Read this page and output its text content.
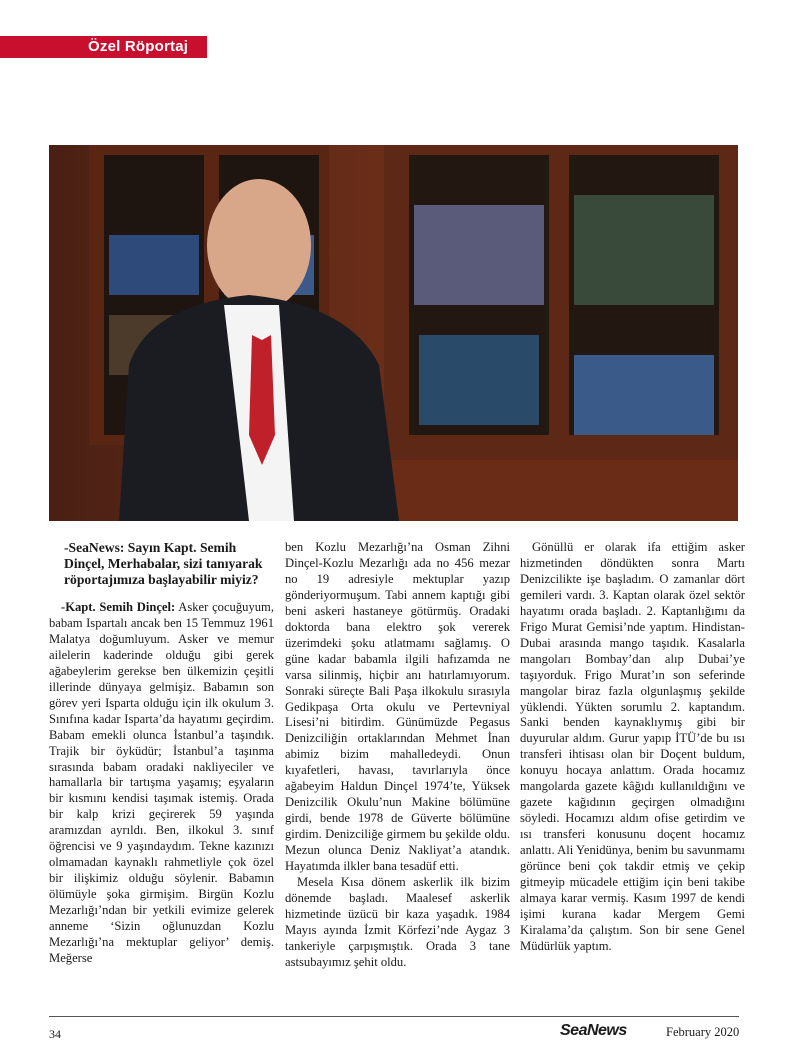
Özel Röportaj

-SeaNews: Sayın Kapt. Semih Dinçel, Merhabalar, sizi tanıyarak röportajımıza başlayabilir miyiz?

-Kapt. Semih Dinçel: Asker çocuğuyum, babam Ispartalı ancak ben 15 Temmuz 1961 Malatya doğumluyum. Asker ve memur ailelerin kaderinde olduğu gibi gerek ağabeylerim gerekse ben ülkemizin çeşitli illerinde dünyaya gelmişiz. Babamın son görev yeri Isparta olduğu için ilk okulum 3. Sınıfına kadar Isparta’da hayatımı geçirdim. Babam emekli olunca İstanbul’a taşındık. Trajik bir öyküdür; İstanbul’a taşınma sırasında babam oradaki nakliyeciler ve hamallarla bir tartışma yaşamış; eşyaların bir kısmını kendisi taşımak istemiş. Orada bir kalp krizi geçirerek 59 yaşında aramızdan ayrıldı. Ben, ilkokul 3. sınıf öğrencisi ve 9 yaşındaydım. Tekne kazınızı olmamadan kaynaklı rahmetliyle çok özel bir ilişkimiz olduğu söylenir. Babamın ölümüyle şoka girmişim. Birgün Kozlu Mezarlığı’ndan bir yetkili evimize gelerek anneme ‘Sizin oğlunuzdan Kozlu Mezarlığı’na mektuplar geliyor’ demiş. Meğerse

ben Kozlu Mezarlığı’na Osman Zihni Dinçel-Kozlu Mezarlığı ada no 456 mezar no 19 adresiyle mektuplar yazıp gönderiyormuşum. Tabi annem kaptığı gibi beni askeri hastaneye götürmüş. Oradaki doktorda bana elektro şok vererek üzerimdeki şoku atlatmamı sağlamış. O güne kadar babamla ilgili hafızamda ne varsa silinmiş, hiçbir anı hatırlamıyorum. Sonraki süreçte Bali Paşa ilkokulu sırasıyla Gedikpaşa Orta okulu ve Pertevniyal Lisesi’ni bitirdim. Günümüzde Pegasus Denizciliğin ortaklarından Mehmet İnan abimiz bizim mahalledeydi. Onun kıyafetleri, havası, tavırlarıyla önce ağabeyim Haldun Dinçel 1974’te, Yüksek Denizcilik Okulu’nun Makine bölümüne girdi, bende 1978 de Güverte bölümüne girdim. Denizciliğe girmem bu şekilde oldu. Mezun olunca Deniz Nakliyat’a atandık. Hayatımda ilkler bana tesadüf etti.

Mesela Kısa dönem askerlik ilk bizim dönemde başladı. Maalesef askerlik hizmetinde üzücü bir kaza yaşadık. 1984 Mayıs ayında İzmit Körfezi’nde Aygaz 3 tankeriyle çarpışmıştık. Orada 3 tane astsubayımız şehit oldu.

Gönüllü er olarak ifa ettiğim asker hizmetinden döndükten sonra Martı Denizcilikte işe başladım. O zamanlar dört gemileri vardı. 3. Kaptan olarak özel sektör hayatımı orada başladı. 2. Kaptanlığımı da Frigo Murat Gemisi’nde yaptım. Hindistan-Dubai arasında mango taşıdık. Kasalarla mangoları Bombay’dan alıp Dubai’ye taşıyorduk. Frigo Murat’ın son seferinde mangolar biraz fazla olgunlaşmış şekilde yüklendi. Yükten sorumlu 2. kaptandım. Sanki benden kaynaklıymış gibi bir duyurular aldım. Gurur yapıp İTÜ’de bu ısı transferi ihtisası olan bir Doçent buldum, konuyu hocaya anlattım. Orada hocamız mangolarda gazete kâğıdı kullanıldığını ve gazete kağıdının geçirgen olmadığını söyledi. Hocamızı aldım ofise getirdim ve ısı transferi konusunu doçent hocamız anlattı. Ali Yenidünya, benim bu savunmamı görünce beni çok takdir etmiş ve çekip gitmeyip mücadele ettiğim için beni takibe almaya karar vermiş. Kasım 1997 de kendi işimi kurana kadar Mergem Gemi Kiralama’da çalıştım. Son bir sene Genel Müdürlük yaptım.

34	SeaNews	February 2020
